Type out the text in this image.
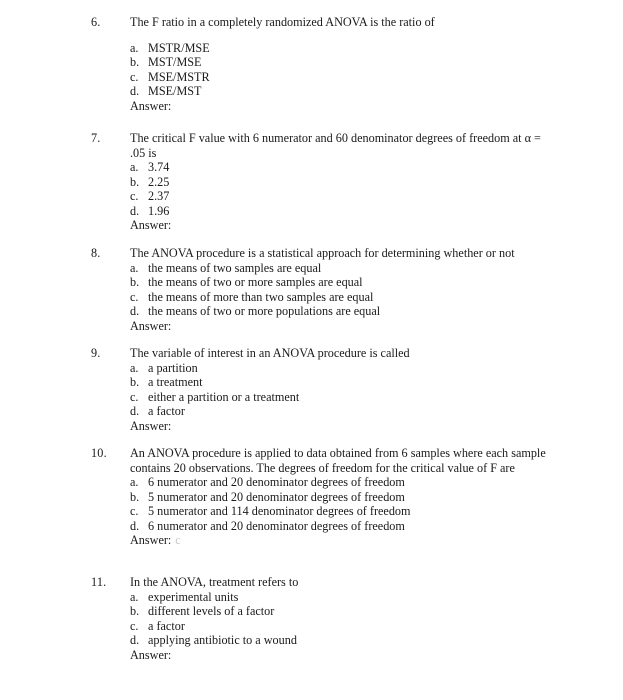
6. The F ratio in a completely randomized ANOVA is the ratio of
a. MSTR/MSE
b. MST/MSE
c. MSE/MSTR
d. MSE/MST
Answer:
7. The critical F value with 6 numerator and 60 denominator degrees of freedom at α = .05 is
a. 3.74
b. 2.25
c. 2.37
d. 1.96
Answer:
8. The ANOVA procedure is a statistical approach for determining whether or not
a. the means of two samples are equal
b. the means of two or more samples are equal
c. the means of more than two samples are equal
d. the means of two or more populations are equal
Answer:
9. The variable of interest in an ANOVA procedure is called
a. a partition
b. a treatment
c. either a partition or a treatment
d. a factor
Answer:
10. An ANOVA procedure is applied to data obtained from 6 samples where each sample contains 20 observations. The degrees of freedom for the critical value of F are
a. 6 numerator and 20 denominator degrees of freedom
b. 5 numerator and 20 denominator degrees of freedom
c. 5 numerator and 114 denominator degrees of freedom
d. 6 numerator and 20 denominator degrees of freedom
Answer: c
11. In the ANOVA, treatment refers to
a. experimental units
b. different levels of a factor
c. a factor
d. applying antibiotic to a wound
Answer:
